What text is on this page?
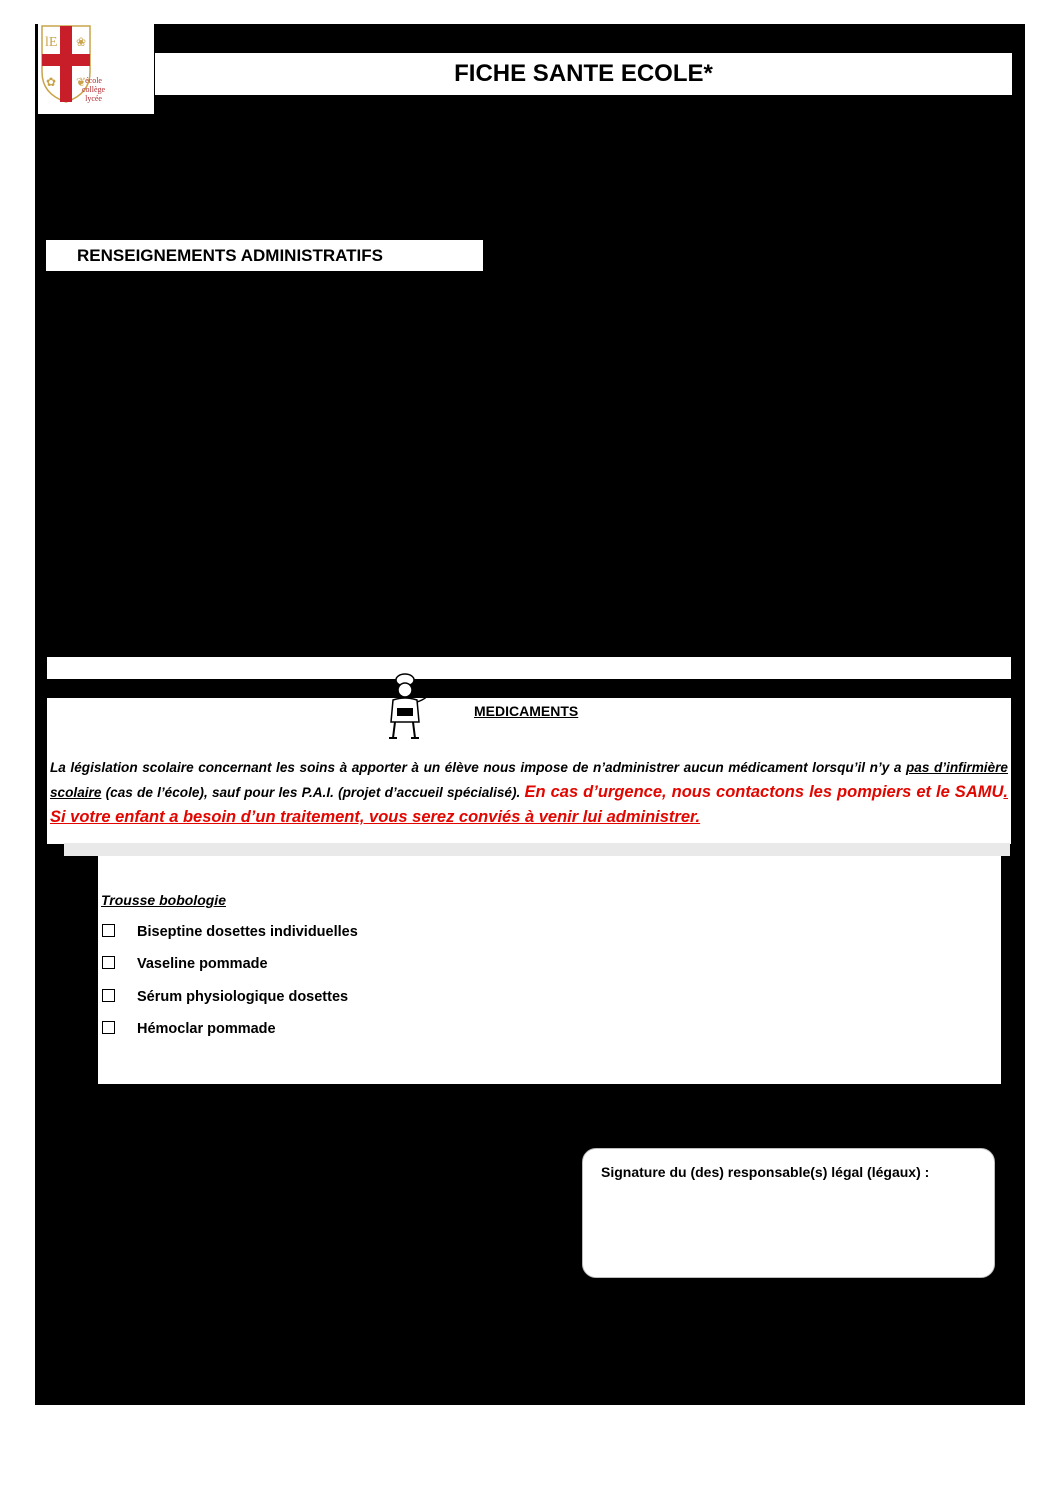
lE ❀
✿ ❦ école
collège
lycée
FICHE SANTE ECOLE*
RENSEIGNEMENTS ADMINISTRATIFS
MEDICAMENTS
La législation scolaire concernant les soins à apporter à un élève nous impose de n’administrer aucun médicament lorsqu’il n’y a pas d’infirmière scolaire (cas de l’école), sauf pour les P.A.I. (projet d’accueil spécialisé). En cas d’urgence, nous contactons les pompiers et le SAMU. Si votre enfant a besoin d’un traitement, vous serez conviés à venir lui administrer.
Trousse bobologie
Biseptine dosettes individuelles
Vaseline pommade
Sérum physiologique dosettes
Hémoclar pommade
Signature du (des) responsable(s) légal (légaux) :
